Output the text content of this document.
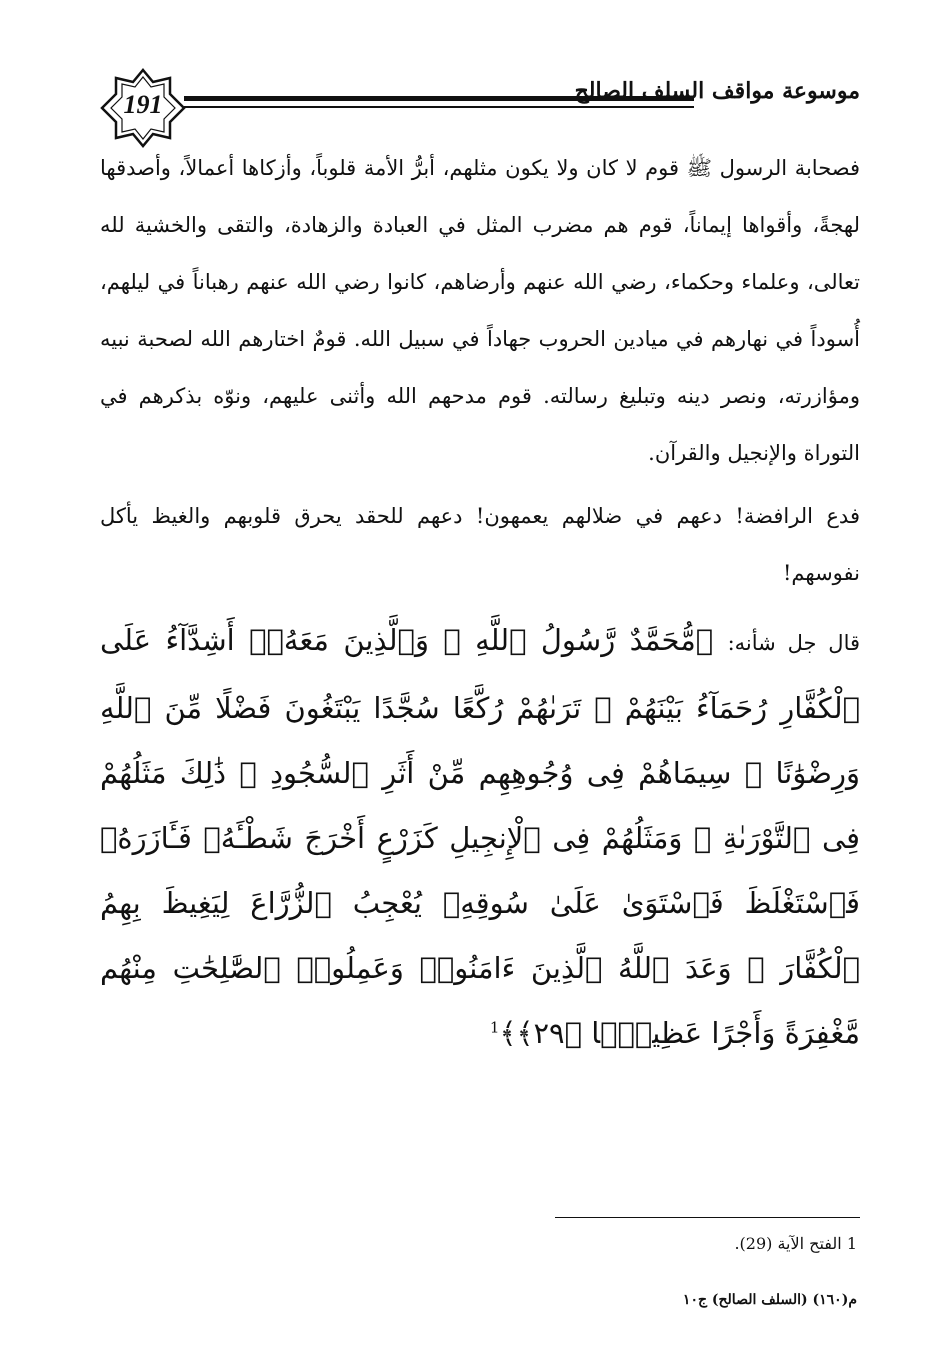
191	موسوعة مواقف السلف الصالح

فصحابة الرسول ﷺ قوم لا كان ولا يكون مثلهم، أبرُّ الأمة قلوباً، وأزكاها أعمالاً، وأصدقها لهجةً، وأقواها إيماناً، قوم هم مضرب المثل في العبادة والزهادة، والتقى والخشية لله تعالى، وعلماء وحكماء، رضي الله عنهم وأرضاهم، كانوا رضي الله عنهم رهباناً في ليلهم، أُسوداً في نهارهم في ميادين الحروب جهاداً في سبيل الله. قومٌ اختارهم الله لصحبة نبيه ومؤازرته، ونصر دينه وتبليغ رسالته. قوم مدحهم الله وأثنى عليهم، ونوّه بذكرهم في التوراة والإنجيل والقرآن.

فدع الرافضة! دعهم في ضلالهم يعمهون! دعهم للحقد يحرق قلوبهم والغيظ يأكل نفوسهم!

قال جل شأنه: ﴿مُّحَمَّدٌ رَّسُولُ ٱللَّهِ ۚ وَٱلَّذِينَ مَعَهُۥٓ أَشِدَّآءُ عَلَى ٱلْكُفَّارِ رُحَمَآءُ بَيْنَهُمْ ۖ تَرَىٰهُمْ رُكَّعًا سُجَّدًا يَبْتَغُونَ فَضْلًا مِّنَ ٱللَّهِ وَرِضْوَٰنًا ۖ سِيمَاهُمْ فِى وُجُوهِهِم مِّنْ أَثَرِ ٱلسُّجُودِ ۚ ذَٰلِكَ مَثَلُهُمْ فِى ٱلتَّوْرَىٰةِ ۚ وَمَثَلُهُمْ فِى ٱلْإِنجِيلِ كَزَرْعٍ أَخْرَجَ شَطْـَٔهُۥ فَـَٔازَرَهُۥ فَٱسْتَغْلَظَ فَٱسْتَوَىٰ عَلَىٰ سُوقِهِۦ يُعْجِبُ ٱلزُّرَّاعَ لِيَغِيظَ بِهِمُ ٱلْكُفَّارَ ۗ وَعَدَ ٱللَّهُ ٱلَّذِينَ ءَامَنُوا۟ وَعَمِلُوا۟ ٱلصَّٰلِحَٰتِ مِنْهُم مَّغْفِرَةً وَأَجْرًا عَظِيمًۢا ﴿٢٩﴾﴾$^1$

1 الفتح الآية (29).
م(١٦٠) (السلف الصالح) ج١٠
